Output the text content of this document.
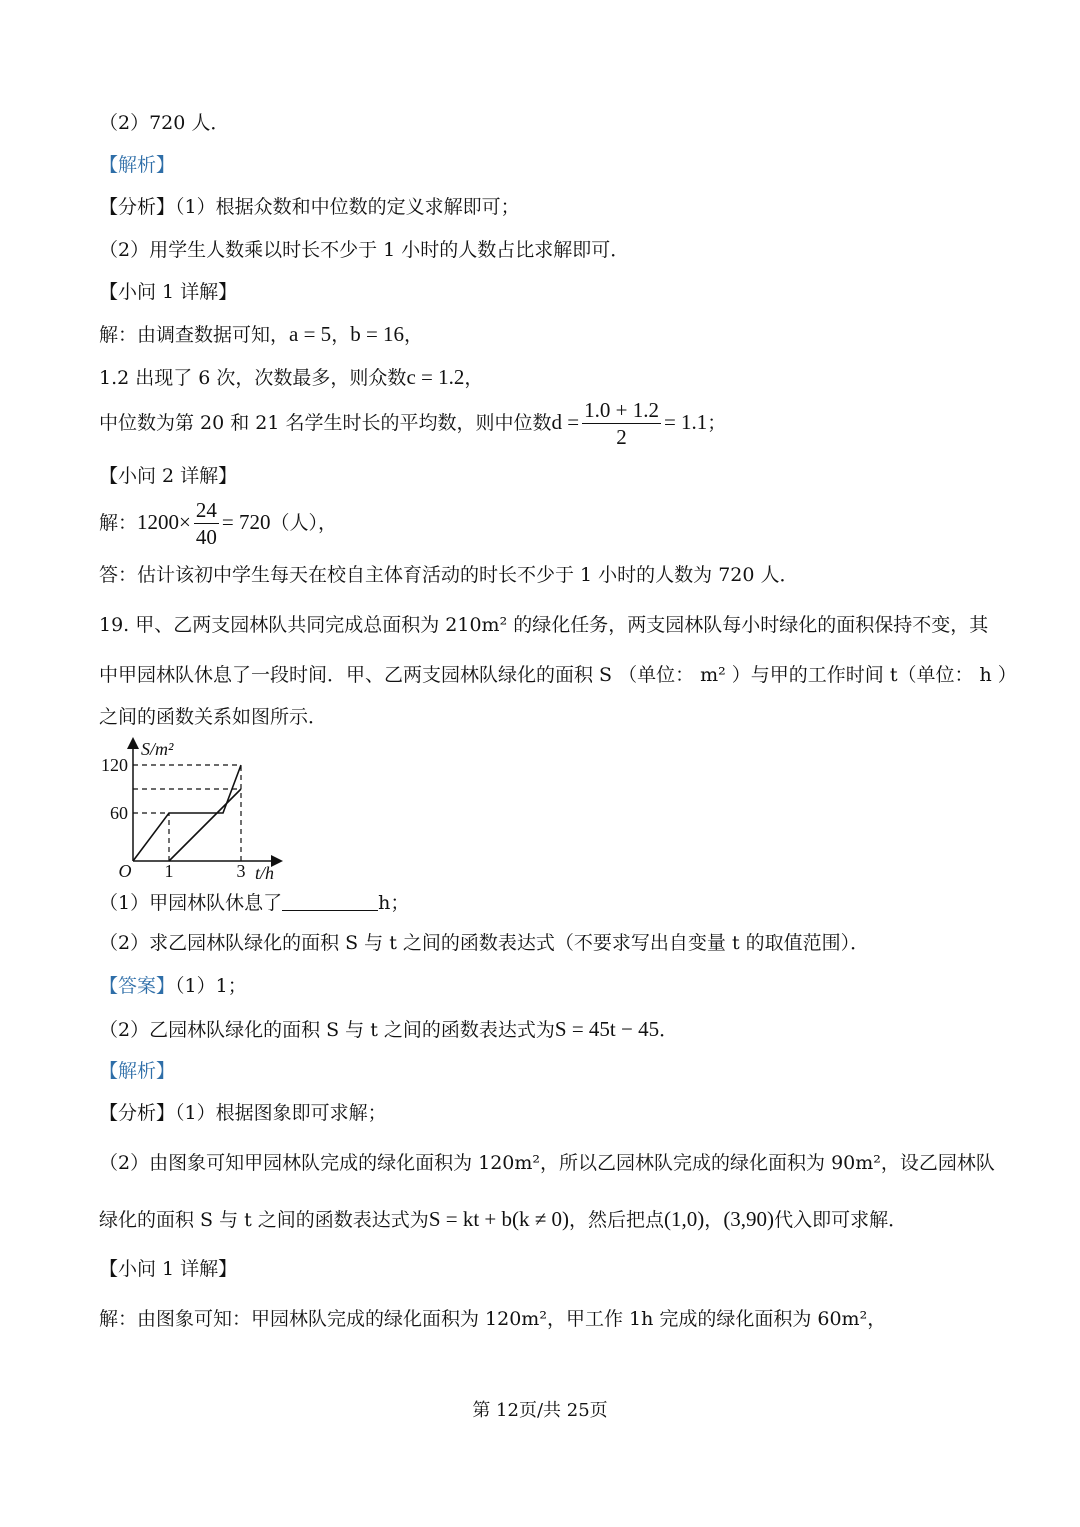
（2）720 人．
【解析】
【分析】（1）根据众数和中位数的定义求解即可；
（2）用学生人数乘以时长不少于 1 小时的人数占比求解即可．
【小问 1 详解】
解：由调查数据可知，a = 5，b = 16，
1.2 出现了 6 次，次数最多，则众数c = 1.2，
中位数为第 20 和 21 名学生时长的平均数，则中位数$d = \frac{1.0 + 1.2}{2} = 1.1$；
【小问 2 详解】
解：$1200\times \frac{24}{40} = 720$（人），
答：估计该初中学生每天在校自主体育活动的时长不少于 1 小时的人数为 720 人．
19. 甲、乙两支园林队共同完成总面积为 210m² 的绿化任务，两支园林队每小时绿化的面积保持不变，其
中甲园林队休息了一段时间．甲、乙两支园林队绿化的面积 S （单位： m² ）与甲的工作时间 t（单位： h ）
之间的函数关系如图所示．
120
60
1	3
O
S/m²
t/h
（1）甲园林队休息了	h；
（2）求乙园林队绿化的面积 S 与 t 之间的函数表达式（不要求写出自变量 t 的取值范围）．
【答案】（1）1；
（2）乙园林队绿化的面积 S 与 t 之间的函数表达式为S = 45t − 45．
【解析】
【分析】（1）根据图象即可求解；
（2）由图象可知甲园林队完成的绿化面积为 120m²，所以乙园林队完成的绿化面积为 90m²，设乙园林队
绿化的面积 S 与 t 之间的函数表达式为S = kt + b(k ≠ 0)，然后把点(1,0)，(3,90)代入即可求解．
【小问 1 详解】
解：由图象可知：甲园林队完成的绿化面积为 120m²，甲工作 1h 完成的绿化面积为 60m²，
第 12页/共 25页
